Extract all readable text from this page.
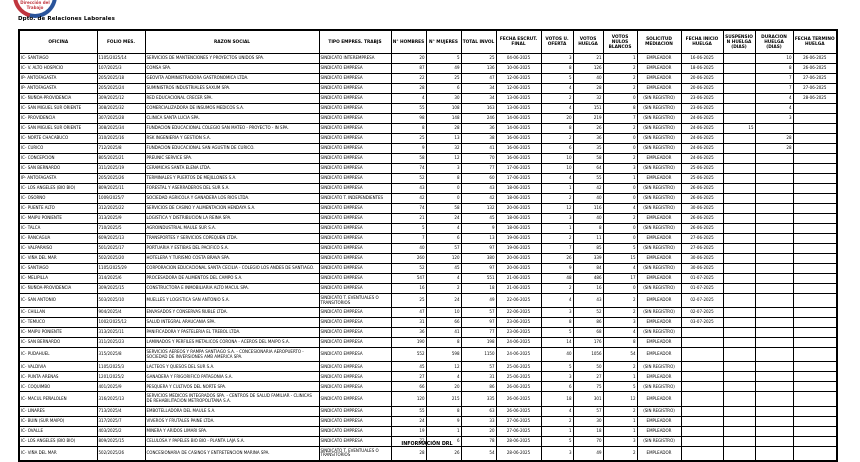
Dirección del
Trabajo
Dpto. de Relaciones Laborales
OFICINA	FOLIO MES.	RAZON SOCIAL	TIPO EMPRES. TRABJS	N° HOMBRES	N° MUJERES	TOTAL INVOL	FECHA ESCRUT. FINAL	VOTOS U. OFERTA	VOTOS HUELGA	VOTOS NULOS BLANCOS	SOLICITUD MEDIACION	FECHA INICIO HUELGA	SUSPENSIO N HUELGA (DIAS)	DURACION HUELGA (DIAS)	FECHA TERMINO HUELGA
IC- SANTIAGO	1105/2025/14	SERVICIOS DE MANTENCIONES Y PROYECTOS UNIDOS SPA.	SINDICATO INTEREMPRESA	20	5	25	04-06-2025	3	21	1	EMPLEADOR	16-06-2025		10	26-06-2025
IC- V. ALTO HOSPICIO	107/2025/3	COMSA SPA.	SINDICATO EMPRESA	87	49	136	10-06-2025	8	126	2	EMPLEADOR	18-06-2025		8	26-06-2025
IP- ANTOFAGASTA	205/2025/18	GEOVITA ADMINISTRADORA GASTRONOMICA LTDA.	SINDICATO EMPRESA	22	25	47	12-06-2025	5	40	2	EMPLEADOR	20-06-2025		7	27-06-2025
IP- ANTOFAGASTA	205/2025/24	SUMINISTROS INDUSTRIALES SAXUM SPA.	SINDICATO EMPRESA	28	6	34	12-06-2025	4	28	2	EMPLEADOR	20-06-2025		7	27-06-2025
IC- ÑUÑOA-PROVIDENCIA	309/2025/12	RED EDUCACIONAL CRECER SPA.	SINDICATO EMPRESA	4	30	34	13-06-2025	2	32	0	(SIN REGISTRO)	23-06-2025		4	28-06-2025
IC- SAN MIGUEL SUR ORIENTE	308/2025/32	COMERCIALIZADORA DE INSUMOS MEDICOS S.A.	SINDICATO EMPRESA	55	108	163	13-06-2025	4	151	8	(SIN REGISTRO)	23-06-2025		4	
IC- PROVIDENCIA	307/2025/28	CLINICA SANTA LUCIA SPA.	SINDICATO EMPRESA	98	148	246	14-06-2025	20	219	7	(SIN REGISTRO)	24-06-2025		3	
IC- SAN MIGUEL SUR ORIENTE	308/2025/34	FUNDACION EDUCACIONAL COLEGIO SAN MATEO - PROYECTO - IN SPA.	SINDICATO EMPRESA	8	28	36	14-06-2025	8	26	2	(SIN REGISTRO)	24-06-2025	15		
IC- NORTE CHACABUCO	310/2025/16	RSK INGENIERIA Y GESTION S.A.	SINDICATO EMPRESA	25	13	38	16-06-2025	2	36	0	(SIN REGISTRO)	24-06-2025		28	
IC- CURICO	712/2025/8	FUNDACION EDUCACIONAL SAN AGUSTIN DE CURICO.	SINDICATO EMPRESA	9	32	41	16-06-2025	6	35	0	(SIN REGISTRO)	24-06-2025		28	
IC- CONCEPCION	805/2025/21	PREUNIC SERVICE SPA.	SINDICATO EMPRESA	58	12	70	16-06-2025	10	58	2	EMPLEADOR	24-06-2025			
IC- SAN BERNARDO	311/2025/19	CERAMICAS SANTA ELENA LTDA.	SINDICATO EMPRESA	74	3	77	17-06-2025	10	64	3	(SIN REGISTRO)	25-06-2025			
IP- ANTOFAGASTA	205/2025/26	TERMINALES Y PUERTOS DE MEJILLONES S.A.	SINDICATO EMPRESA	52	8	60	17-06-2025	4	55	1	EMPLEADOR	25-06-2025			
IC- LOS ANGELES (BIO BIO)	809/2025/11	FORESTAL Y ASERRADEROS DEL SUR S.A.	SINDICATO EMPRESA	43	0	43	18-06-2025	1	42	0	(SIN REGISTRO)	26-06-2025			
IC- OSORNO	1009/2025/7	SOCIEDAD AGRICOLA Y GANADERA LOS RIOS LTDA.	SINDICATO T. INDEPENDIENTES	42	0	42	18-06-2025	2	40	0	(SIN REGISTRO)	26-06-2025			
IC- PUENTE ALTO	312/2025/22	SERVICIOS DE CASINO Y ALIMENTACION HENDAYA S.A.	SINDICATO EMPRESA	74	58	132	20-06-2025	12	116	4	(SIN REGISTRO)	30-06-2025			
IC- MAIPU PONIENTE	313/2025/9	LOGISTICA Y DISTRIBUCION LA REINA SPA.	SINDICATO EMPRESA	21	24	45	18-06-2025	3	40	2	EMPLEADOR	26-06-2025			
IC- TALCA	710/2025/5	AGROINDUSTRIAL MAULE SUR S.A.	SINDICATO EMPRESA	5	4	9	18-06-2025	1	8	0	(SIN REGISTRO)	26-06-2025			
IC- RANCAGUA	609/2025/13	TRANSPORTES Y SERVICIOS COPEQUEN LTDA.	SINDICATO EMPRESA	7	6	13	19-06-2025	2	11	0	EMPLEADOR	27-06-2025			
IC- VALPARAISO	501/2025/17	PORTUARIA Y ESTIBAS DEL PACIFICO S.A.	SINDICATO EMPRESA	40	57	97	19-06-2025	7	85	5	(SIN REGISTRO)	27-06-2025			
IC- VIÑA DEL MAR	502/2025/20	HOTELERA Y TURISMO COSTA BRAVA SPA.	SINDICATO EMPRESA	260	120	380	20-06-2025	26	339	15	EMPLEADOR	30-06-2025			
IC- SANTIAGO	1105/2025/29	CORPORACION EDUCACIONAL SANTA CECILIA - COLEGIO LOS ANDES DE SANTIAGO.	SINDICATO EMPRESA	52	45	97	20-06-2025	9	84	4	(SIN REGISTRO)	30-06-2025			
IC- MELIPILLA	314/2025/6	PROCESADORA DE ALIMENTOS DEL CAMPO S.A.	SINDICATO EMPRESA	547	4	551	21-06-2025	48	486	17	EMPLEADOR	01-07-2025			
IC- ÑUÑOA-PROVIDENCIA	309/2025/15	CONSTRUCTORA E INMOBILIARIA ALTO MACUL SPA.	SINDICATO EMPRESA	16	2	18	21-06-2025	2	16	0	(SIN REGISTRO)	01-07-2025			
IC- SAN ANTONIO	503/2025/10	MUELLES Y LOGISTICA SAN ANTONIO S.A.	SINDICATO T. EVENTUALES O TRANSITORIOS	25	24	49	22-06-2025	4	43	2	EMPLEADOR	02-07-2025			
IC- CHILLAN	904/2025/4	ENVASADOS Y CONSERVAS ÑUBLE LTDA.	SINDICATO EMPRESA	47	10	57	22-06-2025	3	52	2	(SIN REGISTRO)	02-07-2025			
IC- TEMUCO	1002/2025/12	SALUD INTEGRAL ARAUCANIA SPA.	SINDICATO EMPRESA	31	66	97	23-06-2025	8	86	3	EMPLEADOR	03-07-2025			
IC- MAIPU PONIENTE	313/2025/11	PANIFICADORA Y PASTELERIA EL TREBOL LTDA.	SINDICATO EMPRESA	36	41	77	23-06-2025	5	68	4	(SIN REGISTRO)				
IC- SAN BERNARDO	311/2025/23	LAMINADOS Y PERFILES METALICOS CORONA - ACEROS DEL MAIPO S.A.	SINDICATO EMPRESA	190	8	198	24-06-2025	14	176	8	EMPLEADOR				
IC- PUDAHUEL	315/2025/8	SERVICIOS AEREOS Y RAMPA SANTIAGO S.A. - CONCESIONARIA AEROPUERTO - SOCIEDAD DE INVERSIONES AMB AMERICA SPA.	SINDICATO EMPRESA	552	598	1150	24-06-2025	40	1056	54	EMPLEADOR				
IC- VALDIVIA	1105/2025/3	LACTEOS Y QUESOS DEL SUR S.A.	SINDICATO EMPRESA	45	12	57	25-06-2025	5	50	2	(SIN REGISTRO)				
IC- PUNTA ARENAS	1201/2025/2	GANADERA Y FRIGORIFICO PATAGONIA S.A.	SINDICATO EMPRESA	27	4	31	25-06-2025	3	27	1	EMPLEADOR				
IC- COQUIMBO	401/2025/9	PESQUERA Y CULTIVOS DEL NORTE SPA.	SINDICATO EMPRESA	66	20	86	26-06-2025	6	75	5	(SIN REGISTRO)				
IC- MACUL PEÑALOLEN	316/2025/13	SERVICIOS MEDICOS INTEGRADOS SPA. - CENTROS DE SALUD FAMILIAR - CLINICAS DE REHABILITACION METROPOLITANA S.A.	SINDICATO EMPRESA	120	215	335	26-06-2025	18	301	12	EMPLEADOR				
IC- LINARES	713/2025/4	EMBOTELLADORA DEL MAULE S.A.	SINDICATO EMPRESA	55	8	63	26-06-2025	4	57	2	(SIN REGISTRO)				
IC- BUIN (SUR MAIPO)	317/2025/7	VIVEROS Y FRUTALES PAINE LTDA.	SINDICATO EMPRESA	24	9	33	27-06-2025	2	30	1	EMPLEADOR				
IC- OVALLE	403/2025/2	MINERA Y ARIDOS LIMARI SPA.	SINDICATO EMPRESA	19	1	20	27-06-2025	1	18	1	EMPLEADOR				
IC- LOS ANGELES (BIO BIO)	809/2025/15	CELULOSA Y PAPELES BIO BIO - PLANTA LAJA S.A.	SINDICATO EMPRESA	72	6	78	28-06-2025	5	70	3	(SIN REGISTRO)				
IC- VIÑA DEL MAR	502/2025/26	CONCESIONARIA DE CASINOS Y ENTRETENCION MARINA SPA.	SINDICATO T. EVENTUALES O TRANSITORIOS	28	26	54	28-06-2025	3	49	2	EMPLEADOR				
INFORMACIÓN DRL
